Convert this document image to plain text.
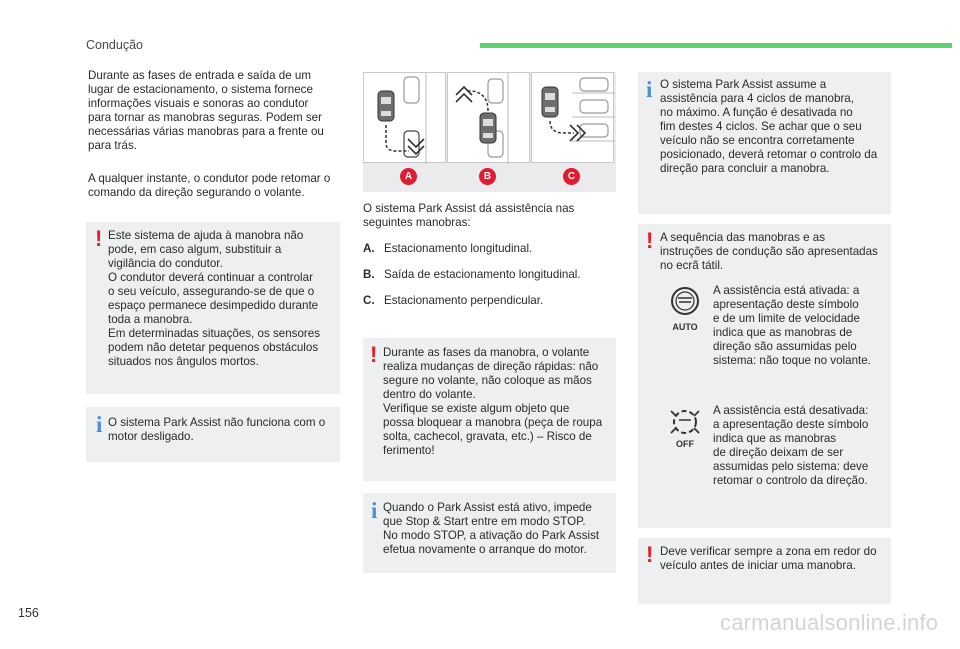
Condução
Durante as fases de entrada e saída de um
lugar de estacionamento, o sistema fornece
informações visuais e sonoras ao condutor
para tornar as manobras seguras. Podem ser
necessárias várias manobras para a frente ou
para trás.
A qualquer instante, o condutor pode retomar o
comando da direção segurando o volante.
! Este sistema de ajuda à manobra não
pode, em caso algum, substituir a
vigilância do condutor.
O condutor deverá continuar a controlar
o seu veículo, assegurando-se de que o
espaço permanece desimpedido durante
toda a manobra.
Em determinadas situações, os sensores
podem não detetar pequenos obstáculos
situados nos ângulos mortos.
i O sistema Park Assist não funciona com o
motor desligado.
A	B	C
O sistema Park Assist dá assistência nas
seguintes manobras:
A. Estacionamento longitudinal.
B. Saída de estacionamento longitudinal.
C. Estacionamento perpendicular.
! Durante as fases da manobra, o volante
realiza mudanças de direção rápidas: não
segure no volante, não coloque as mãos
dentro do volante.
Verifique se existe algum objeto que
possa bloquear a manobra (peça de roupa
solta, cachecol, gravata, etc.) – Risco de
ferimento!
i Quando o Park Assist está ativo, impede
que Stop & Start entre em modo STOP.
No modo STOP, a ativação do Park Assist
efetua novamente o arranque do motor.
i O sistema Park Assist assume a
assistência para 4 ciclos de manobra,
no máximo. A função é desativada no
fim destes 4 ciclos. Se achar que o seu
veículo não se encontra corretamente
posicionado, deverá retomar o controlo da
direção para concluir a manobra.
! A sequência das manobras e as
instruções de condução são apresentadas
no ecrã tátil.
AUTO
A assistência está ativada: a
apresentação deste símbolo
e de um limite de velocidade
indica que as manobras de
direção são assumidas pelo
sistema: não toque no volante.
OFF
A assistência está desativada:
a apresentação deste símbolo
indica que as manobras
de direção deixam de ser
assumidas pelo sistema: deve
retomar o controlo da direção.
! Deve verificar sempre a zona em redor do
veículo antes de iniciar uma manobra.
156	carmanualsonline.info
